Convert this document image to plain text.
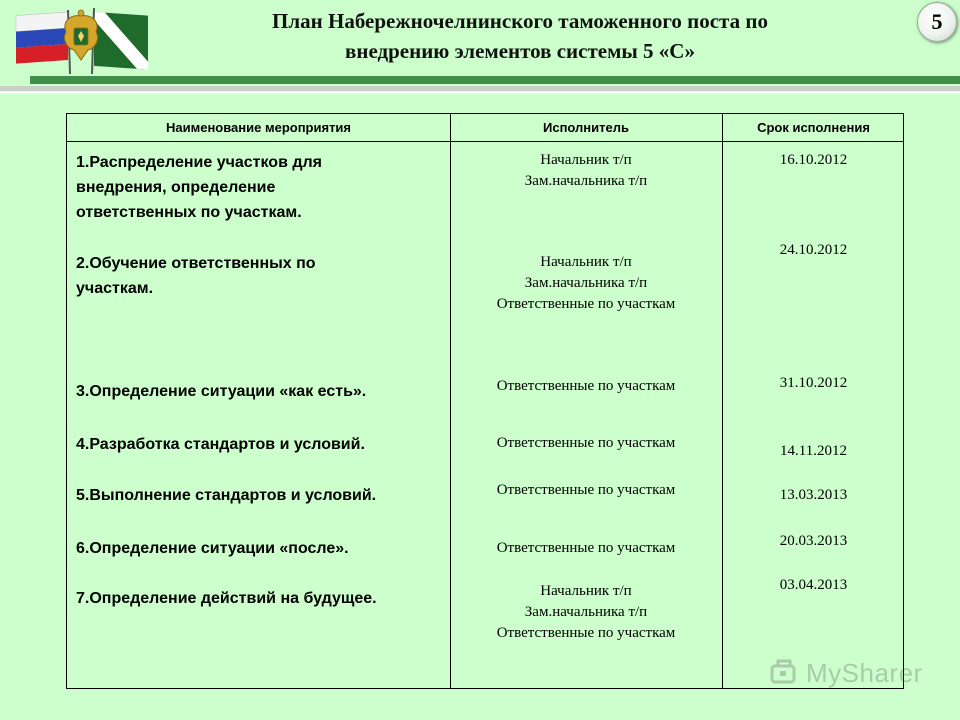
План Набережночелнинского таможенного поста по
внедрению элементов системы 5 «С»
5
Наименование мероприятия	Исполнитель	Срок исполнения
1.Распределение участков для
внедрения, определение
ответственных по участкам.
2.Обучение ответственных по
участкам.
3.Определение ситуации «как есть».
4.Разработка стандартов и условий.
5.Выполнение стандартов и условий.
6.Определение ситуации «после».
7.Определение действий на будущее.
Начальник т/п
Зам.начальника т/п
Начальник т/п
Зам.начальника т/п
Ответственные по участкам
Ответственные по участкам
Ответственные по участкам
Ответственные по участкам
Ответственные по участкам
Начальник т/п
Зам.начальника т/п
Ответственные по участкам
16.10.2012
24.10.2012
31.10.2012
14.11.2012
13.03.2013
20.03.2013
03.04.2013
MySharer
